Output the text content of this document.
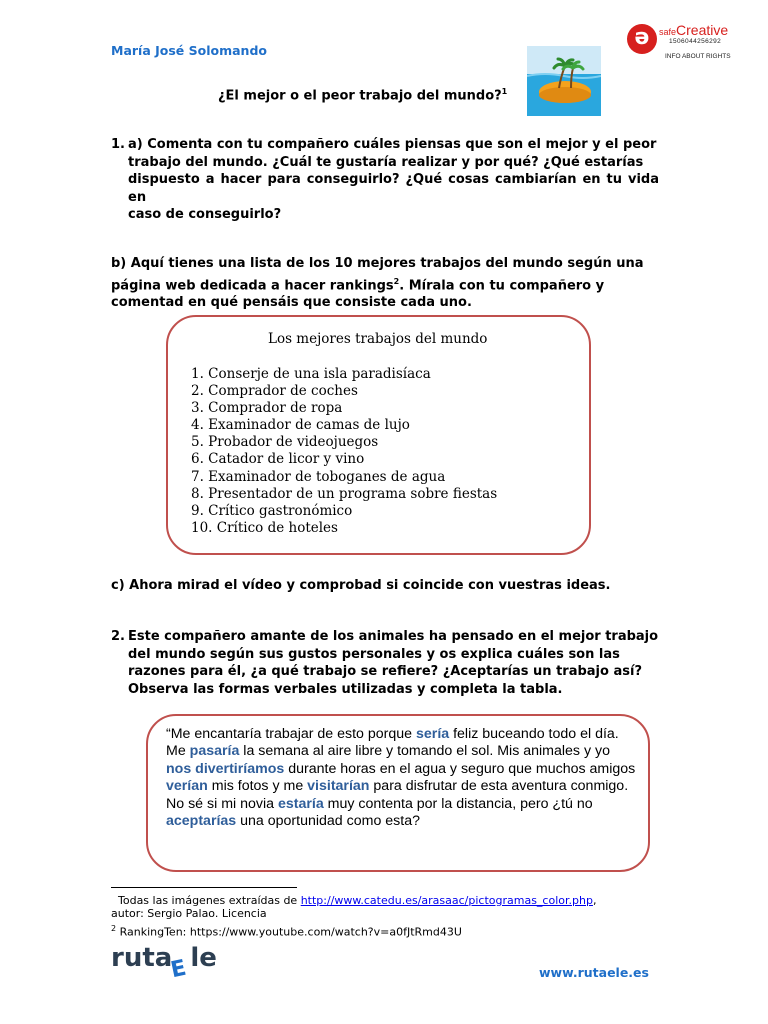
María José Solomando
ə	safeCreative
1506044256292
INFO ABOUT RIGHTS
¿El mejor o el peor trabajo del mundo?$^1$
1. a) Comenta con tu compañero cuáles piensas que son el mejor y el peor
trabajo del mundo. ¿Cuál te gustaría realizar y por qué? ¿Qué estarías
dispuesto a hacer para conseguirlo? ¿Qué cosas cambiarían en tu vida en
caso de conseguirlo?
b) Aquí tienes una lista de los 10 mejores trabajos del mundo según una
página web dedicada a hacer rankings$^2$. Mírala con tu compañero y
comentad en qué pensáis que consiste cada uno.
Los mejores trabajos del mundo
1. Conserje de una isla paradisíaca
2. Comprador de coches
3. Comprador de ropa
4. Examinador de camas de lujo
5. Probador de videojuegos
6. Catador de licor y vino
7. Examinador de toboganes de agua
8. Presentador de un programa sobre fiestas
9. Crítico gastronómico
10. Crítico de hoteles
c) Ahora mirad el vídeo y comprobad si coincide con vuestras ideas.
2. Este compañero amante de los animales ha pensado en el mejor trabajo
del mundo según sus gustos personales y os explica cuáles son las
razones para él, ¿a qué trabajo se refiere? ¿Aceptarías un trabajo así?
Observa las formas verbales utilizadas y completa la tabla.
“Me encantaría trabajar de esto porque sería feliz buceando todo el día. Me pasaría la semana al aire libre y tomando el sol. Mis animales y yo nos divertiríamos durante horas en el agua y seguro que muchos amigos verían mis fotos y me visitarían para disfrutar de esta aventura conmigo. No sé si mi novia estaría muy contenta por la distancia, pero ¿tú no aceptarías una oportunidad como esta?
Todas las imágenes extraídas de http://www.catedu.es/arasaac/pictogramas_color.php,
autor: Sergio Palao. Licencia
$^2$ RankingTen: https://www.youtube.com/watch?v=a0fJtRmd43U
ruta le
E	www.rutaele.es
